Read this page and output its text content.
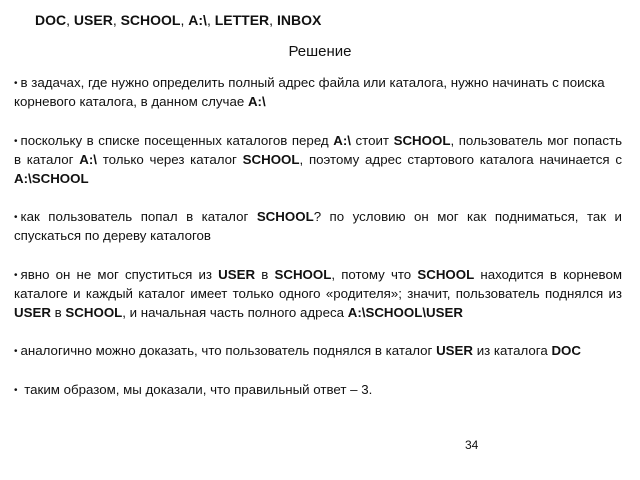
DOC, USER, SCHOOL, A:\, LETTER, INBOX
Решение

• в задачах, где нужно определить полный адрес файла или каталога, нужно начинать с поиска корневого каталога, в данном случае A:\

• поскольку в списке посещенных каталогов перед A:\ стоит SCHOOL, пользователь мог попасть в каталог A:\ только через каталог SCHOOL, поэтому адрес стартового каталога начинается с A:\SCHOOL

• как пользователь попал в каталог SCHOOL? по условию он мог как подниматься, так и спускаться по дереву каталогов

• явно он не мог спуститься из USER в SCHOOL, потому что SCHOOL находится в корневом каталоге и каждый каталог имеет только одного «родителя»; значит, пользователь поднялся из USER в SCHOOL, и начальная часть полного адреса A:\SCHOOL\USER

• аналогично можно доказать, что пользователь поднялся в каталог USER из каталога DOC

• таким образом, мы доказали, что правильный ответ – 3.

34
